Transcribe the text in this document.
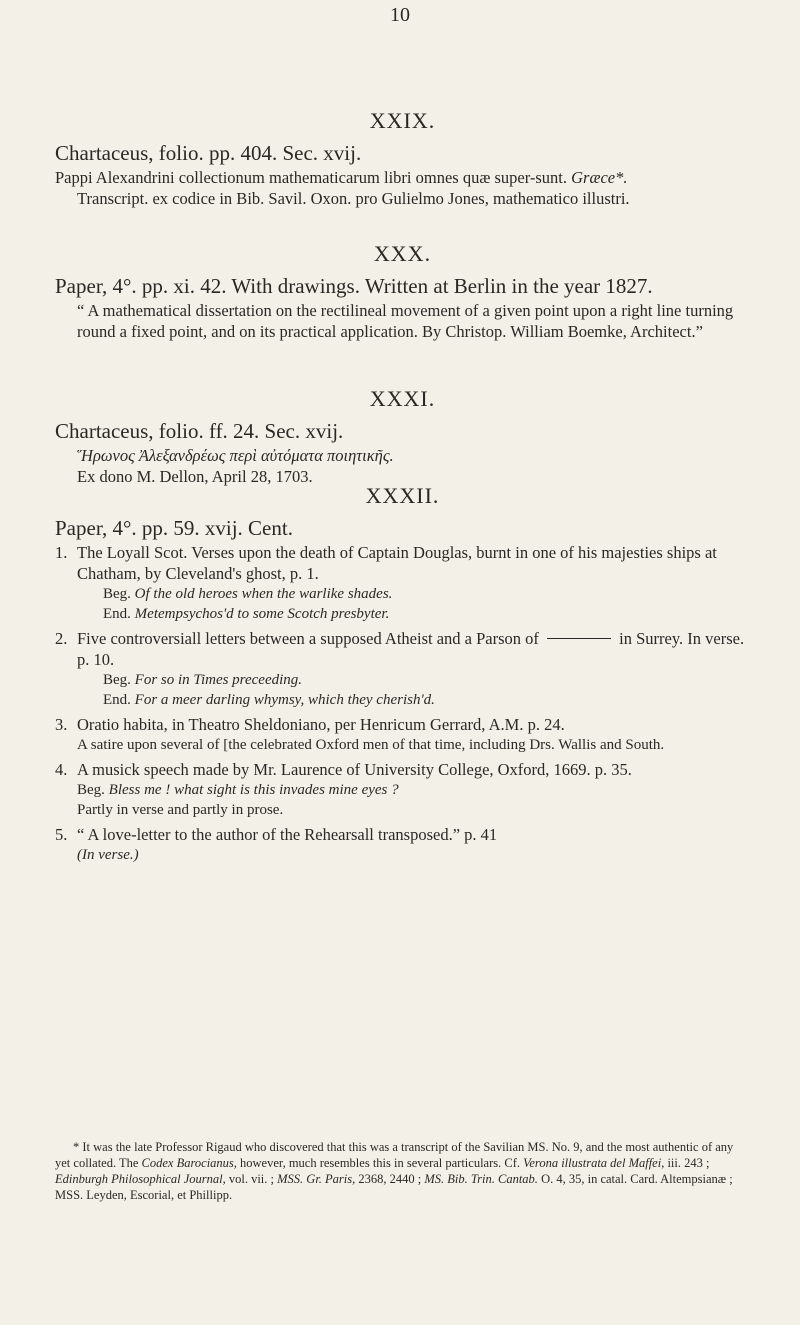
10
XXIX.
Chartaceus, folio. pp. 404. Sec. xvij.
Pappi Alexandrini collectionum mathematicarum libri omnes quæ super-sunt. Græce*.
Transcript. ex codice in Bib. Savil. Oxon. pro Gulielmo Jones, mathematico illustri.
XXX.
Paper, 4°. pp. xi. 42. With drawings. Written at Berlin in the year 1827.
“ A mathematical dissertation on the rectilineal movement of a given point upon a right line turning round a fixed point, and on its practical application. By Christop. William Boemke, Architect.”
XXXI.
Chartaceus, folio. ff. 24. Sec. xvij.
Ἥρωνος Ἀλεξανδρέως περὶ αὐτόματα ποιητικῆς.
Ex dono M. Dellon, April 28, 1703.
XXXII.
Paper, 4°. pp. 59. xvij. Cent.
1. The Loyall Scot. Verses upon the death of Captain Douglas, burnt in one of his majesties ships at Chatham, by Cleveland's ghost, p. 1.
Beg. Of the old heroes when the warlike shades.
End. Metempsychos'd to some Scotch presbyter.
2. Five controversiall letters between a supposed Atheist and a Parson of	in Surrey. In verse. p. 10.
Beg. For so in Times preceeding.
End. For a meer darling whymsy, which they cherish'd.
3. Oratio habita, in Theatro Sheldoniano, per Henricum Gerrard, A.M. p. 24.
A satire upon several of [the celebrated Oxford men of that time, including Drs. Wallis and South.
4. A musick speech made by Mr. Laurence of University College, Oxford, 1669. p. 35.
Beg. Bless me ! what sight is this invades mine eyes ?
Partly in verse and partly in prose.
5. “ A love-letter to the author of the Rehearsall transposed.” p. 41
(In verse.)
* It was the late Professor Rigaud who discovered that this was a transcript of the Savilian MS. No. 9, and the most authentic of any yet collated. The Codex Barocianus, however, much resembles this in several particulars. Cf. Verona illustrata del Maffei, iii. 243 ; Edinburgh Philosophical Journal, vol. vii. ; MSS. Gr. Paris, 2368, 2440 ; MS. Bib. Trin. Cantab. O. 4, 35, in catal. Card. Altempsianæ ; MSS. Leyden, Escorial, et Phillipp.
